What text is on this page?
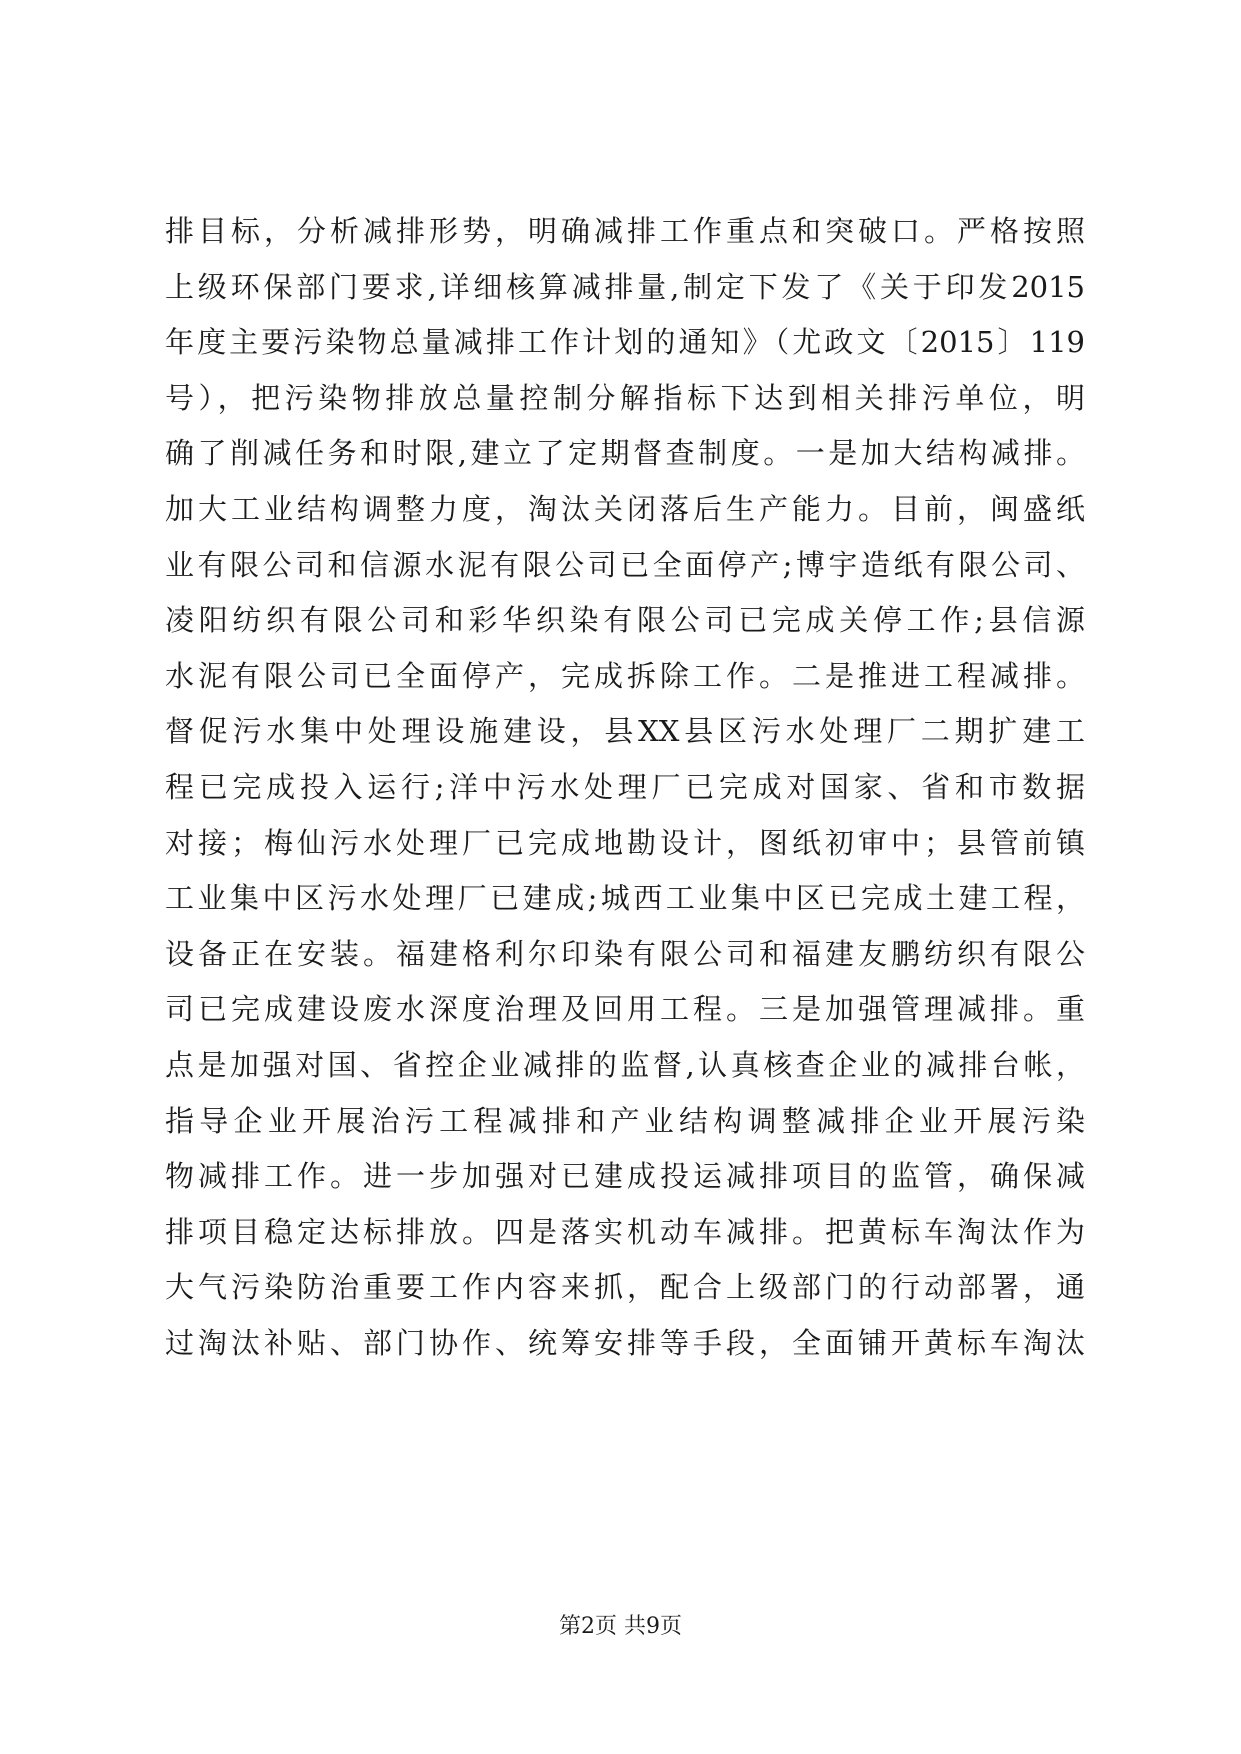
排目标，分析减排形势，明确减排工作重点和突破口。严格按照
上级环保部门要求,详细核算减排量,制定下发了《关于印发2015
年度主要污染物总量减排工作计划的通知》（尤政文〔2015〕119
号），把污染物排放总量控制分解指标下达到相关排污单位，明
确了削减任务和时限,建立了定期督查制度。一是加大结构减排。
加大工业结构调整力度，淘汰关闭落后生产能力。目前，闽盛纸
业有限公司和信源水泥有限公司已全面停产;博宇造纸有限公司、
凌阳纺织有限公司和彩华织染有限公司已完成关停工作;县信源
水泥有限公司已全面停产，完成拆除工作。二是推进工程减排。
督促污水集中处理设施建设，县XX县区污水处理厂二期扩建工
程已完成投入运行;洋中污水处理厂已完成对国家、省和市数据
对接；梅仙污水处理厂已完成地勘设计，图纸初审中；县管前镇
工业集中区污水处理厂已建成;城西工业集中区已完成土建工程，
设备正在安装。福建格利尔印染有限公司和福建友鹏纺织有限公
司已完成建设废水深度治理及回用工程。三是加强管理减排。重
点是加强对国、省控企业减排的监督,认真核查企业的减排台帐，
指导企业开展治污工程减排和产业结构调整减排企业开展污染
物减排工作。进一步加强对已建成投运减排项目的监管，确保减
排项目稳定达标排放。四是落实机动车减排。把黄标车淘汰作为
大气污染防治重要工作内容来抓，配合上级部门的行动部署，通
过淘汰补贴、部门协作、统筹安排等手段，全面铺开黄标车淘汰
第2页 共9页
